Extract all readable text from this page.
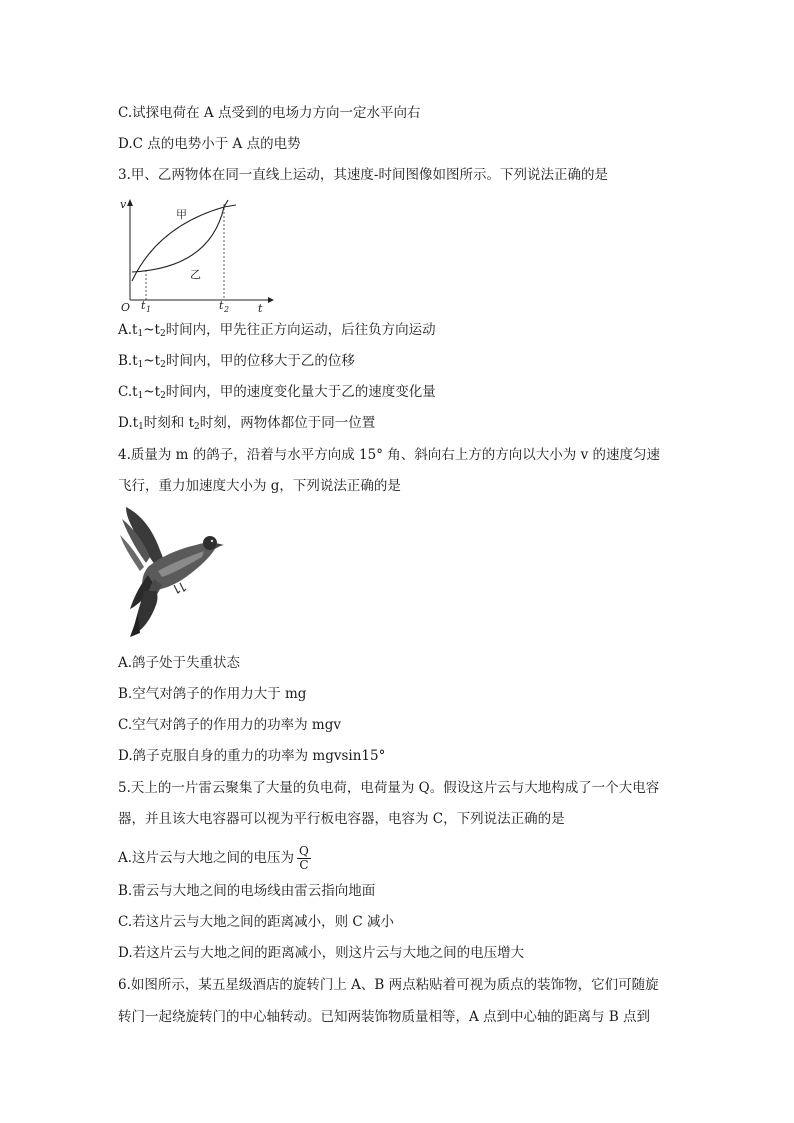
C.试探电荷在 A 点受到的电场力方向一定水平向右
D.C 点的电势小于 A 点的电势
3.甲、乙两物体在同一直线上运动，其速度-时间图像如图所示。下列说法正确的是
v
t
O t 1	t 2
甲
乙
$A.t_1\sim t_2$时间内，甲先往正方向运动，后往负方向运动
$B.t_1\sim t_2$时间内，甲的位移大于乙的位移
$C.t_1\sim t_2$时间内，甲的速度变化量大于乙的速度变化量
$D.t_1$时刻和 $t_2$时刻，两物体都位于同一位置
4.质量为 m 的鸽子，沿着与水平方向成 15° 角、斜向右上方的方向以大小为 v 的速度匀速
飞行，重力加速度大小为 g，下列说法正确的是
A.鸽子处于失重状态
B.空气对鸽子的作用力大于 mg
C.空气对鸽子的作用力的功率为 mgv
D.鸽子克服自身的重力的功率为 mgvsin15°
5.天上的一片雷云聚集了大量的负电荷，电荷量为 Q。假设这片云与大地构成了一个大电容
器，并且该大电容器可以视为平行板电容器，电容为 C，下列说法正确的是
A.这片云与大地之间的电压为 $\frac{Q}{C}$
B.雷云与大地之间的电场线由雷云指向地面
C.若这片云与大地之间的距离减小，则 C 减小
D.若这片云与大地之间的距离减小，则这片云与大地之间的电压增大
6.如图所示，某五星级酒店的旋转门上 A、B 两点粘贴着可视为质点的装饰物，它们可随旋
转门一起绕旋转门的中心轴转动。已知两装饰物质量相等，A 点到中心轴的距离与 B 点到
